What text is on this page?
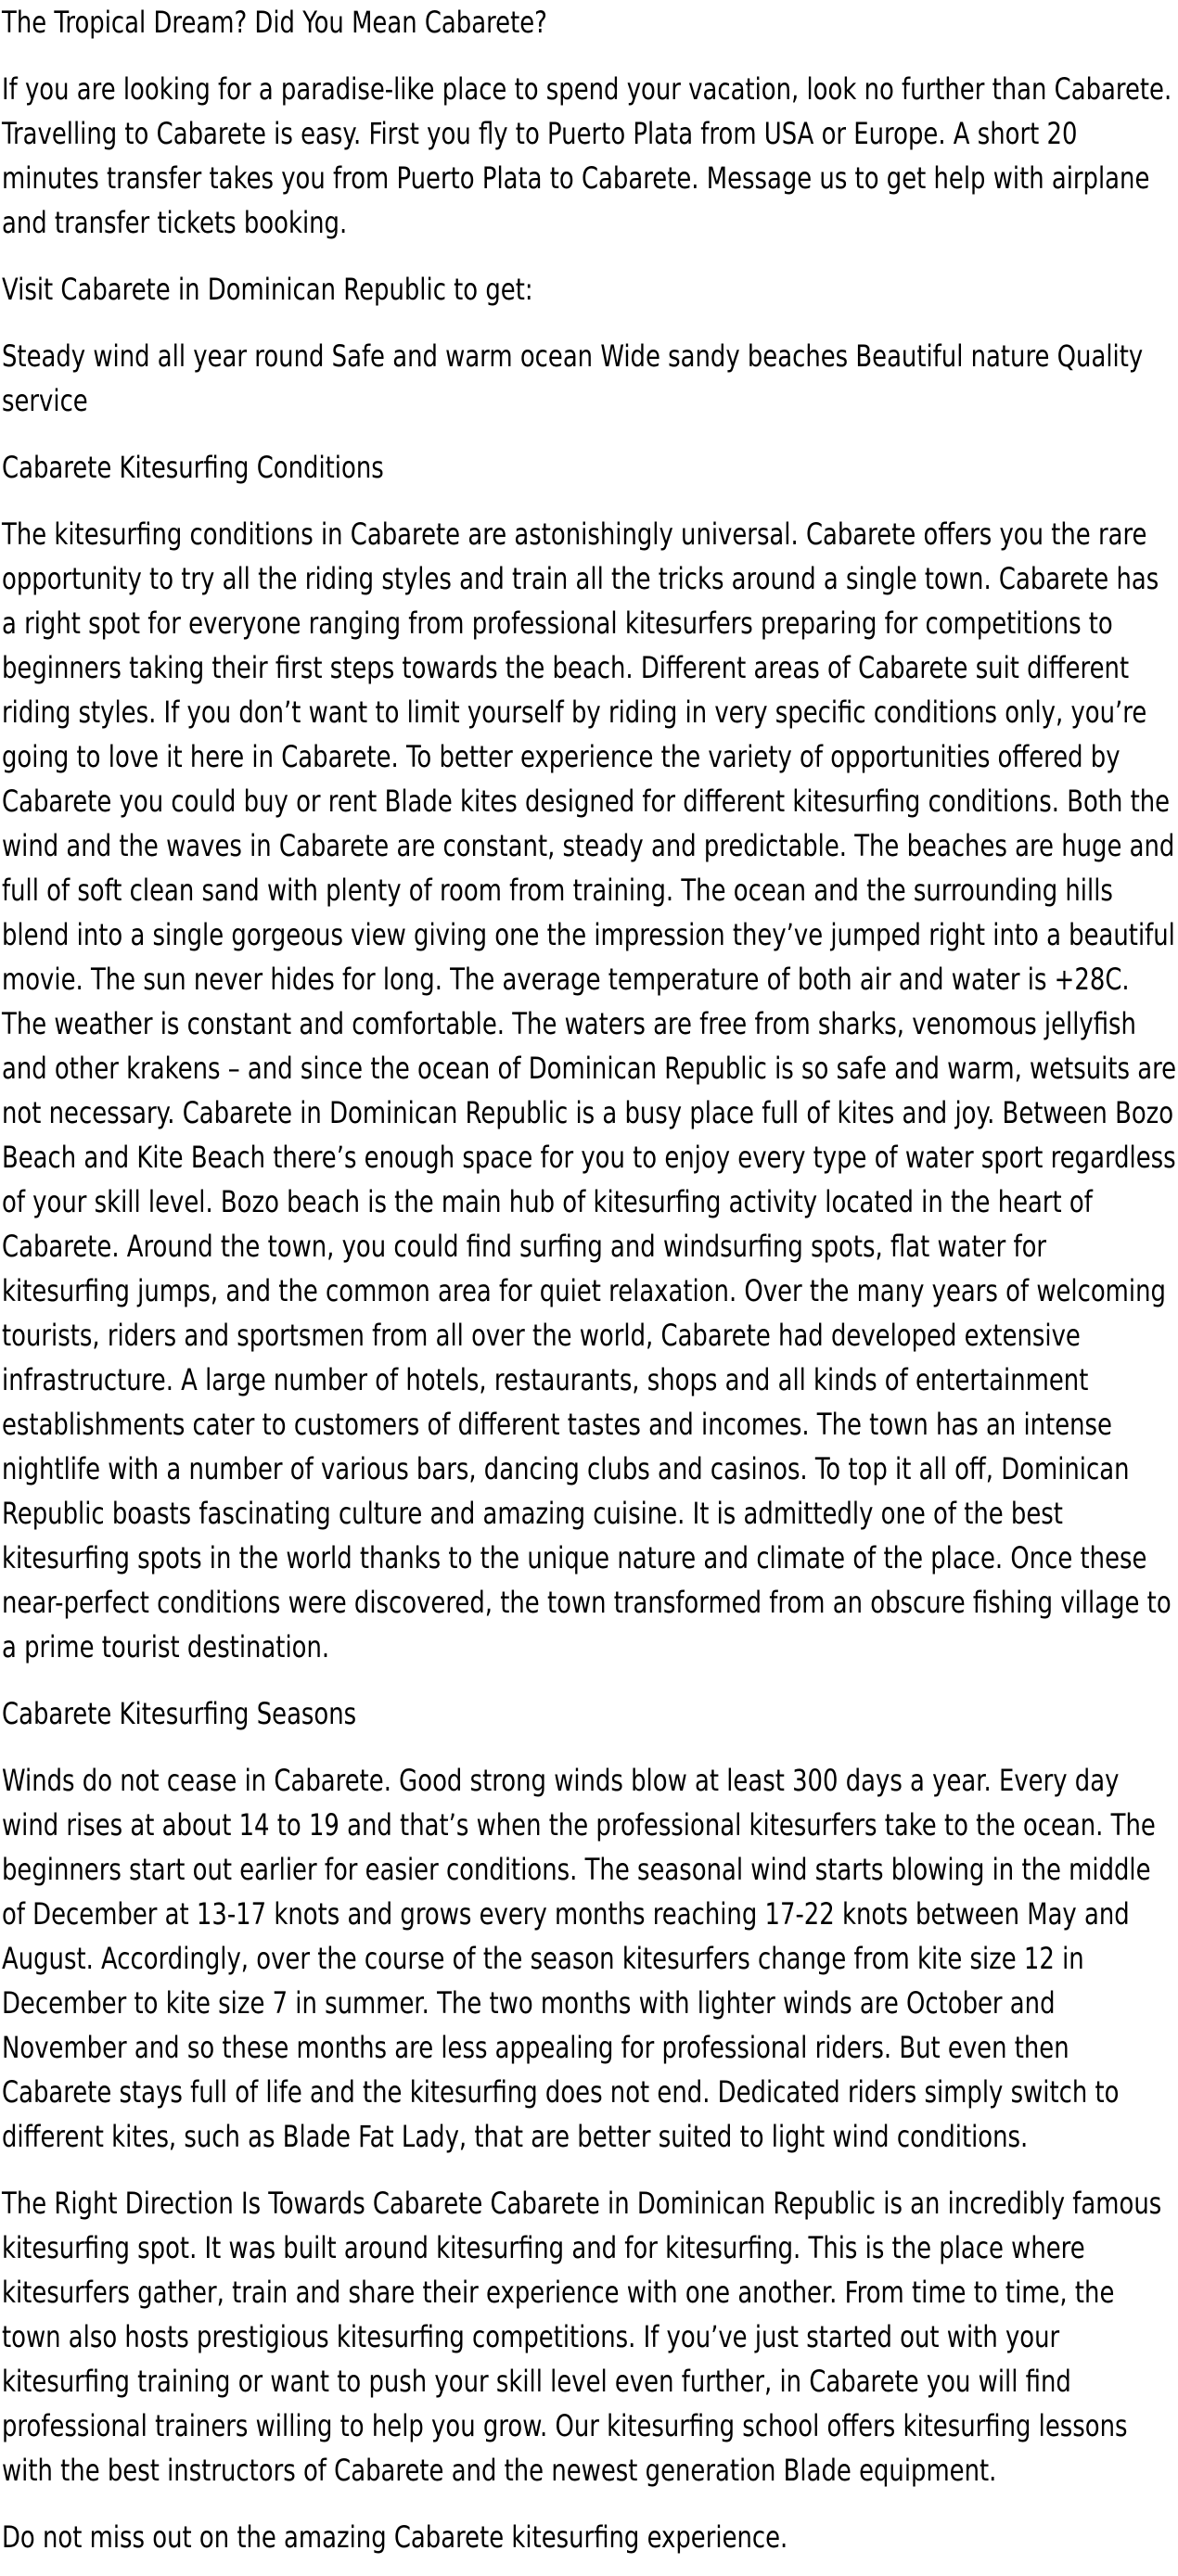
The Tropical Dream? Did You Mean Cabarete?

If you are looking for a paradise-like place to spend your vacation, look no further than Cabarete. Travelling to Cabarete is easy. First you fly to Puerto Plata from USA or Europe. A short 20 minutes transfer takes you from Puerto Plata to Cabarete. Message us to get help with airplane and transfer tickets booking.

Visit Cabarete in Dominican Republic to get:

Steady wind all year round Safe and warm ocean Wide sandy beaches Beautiful nature Quality service

Cabarete Kitesurfing Conditions

The kitesurfing conditions in Cabarete are astonishingly universal. Cabarete offers you the rare opportunity to try all the riding styles and train all the tricks around a single town. Cabarete has a right spot for everyone ranging from professional kitesurfers preparing for competitions to beginners taking their first steps towards the beach. Different areas of Cabarete suit different riding styles. If you don’t want to limit yourself by riding in very specific conditions only, you’re going to love it here in Cabarete. To better experience the variety of opportunities offered by Cabarete you could buy or rent Blade kites designed for different kitesurfing conditions. Both the wind and the waves in Cabarete are constant, steady and predictable. The beaches are huge and full of soft clean sand with plenty of room from training. The ocean and the surrounding hills blend into a single gorgeous view giving one the impression they’ve jumped right into a beautiful movie. The sun never hides for long. The average temperature of both air and water is +28C. The weather is constant and comfortable. The waters are free from sharks, venomous jellyfish and other krakens – and since the ocean of Dominican Republic is so safe and warm, wetsuits are not necessary. Cabarete in Dominican Republic is a busy place full of kites and joy. Between Bozo Beach and Kite Beach there’s enough space for you to enjoy every type of water sport regardless of your skill level. Bozo beach is the main hub of kitesurfing activity located in the heart of Cabarete. Around the town, you could find surfing and windsurfing spots, flat water for kitesurfing jumps, and the common area for quiet relaxation. Over the many years of welcoming tourists, riders and sportsmen from all over the world, Cabarete had developed extensive infrastructure. A large number of hotels, restaurants, shops and all kinds of entertainment establishments cater to customers of different tastes and incomes. The town has an intense nightlife with a number of various bars, dancing clubs and casinos. To top it all off, Dominican Republic boasts fascinating culture and amazing cuisine. It is admittedly one of the best kitesurfing spots in the world thanks to the unique nature and climate of the place. Once these near-perfect conditions were discovered, the town transformed from an obscure fishing village to a prime tourist destination.

Cabarete Kitesurfing Seasons

Winds do not cease in Cabarete. Good strong winds blow at least 300 days a year. Every day wind rises at about 14 to 19 and that’s when the professional kitesurfers take to the ocean. The beginners start out earlier for easier conditions. The seasonal wind starts blowing in the middle of December at 13-17 knots and grows every months reaching 17-22 knots between May and August. Accordingly, over the course of the season kitesurfers change from kite size 12 in December to kite size 7 in summer. The two months with lighter winds are October and November and so these months are less appealing for professional riders. But even then Cabarete stays full of life and the kitesurfing does not end. Dedicated riders simply switch to different kites, such as Blade Fat Lady, that are better suited to light wind conditions.

The Right Direction Is Towards Cabarete Cabarete in Dominican Republic is an incredibly famous kitesurfing spot. It was built around kitesurfing and for kitesurfing. This is the place where kitesurfers gather, train and share their experience with one another. From time to time, the town also hosts prestigious kitesurfing competitions. If you’ve just started out with your kitesurfing training or want to push your skill level even further, in Cabarete you will find professional trainers willing to help you grow. Our kitesurfing school offers kitesurfing lessons with the best instructors of Cabarete and the newest generation Blade equipment.

Do not miss out on the amazing Cabarete kitesurfing experience.
